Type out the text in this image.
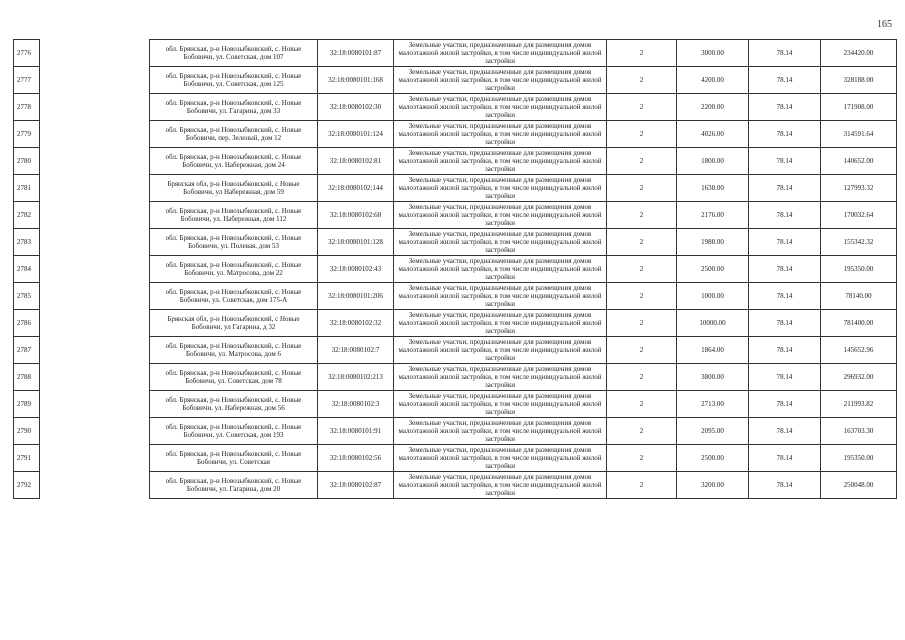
165
2776		обл. Брянская, р-н Новозыбковский, с. Новые Бобовичи, ул. Советская, дом 107	32:18:0080101:87	Земельные участки, предназначенные для размещения домов малоэтажной жилой застройки, в том числе индивидуальной жилой застройки	2	3000.00	78.14	234420.00
2777		обл. Брянская, р-н Новозыбковский, с. Новые Бобовичи, ул. Советская, дом 125	32:18:0080101:168	Земельные участки, предназначенные для размещения домов малоэтажной жилой застройки, в том числе индивидуальной жилой застройки	2	4200.00	78.14	328188.00
2778		обл. Брянская, р-н Новозыбковский, с. Новые Бобовичи, ул. Гагарина, дом 33	32:18:0080102:30	Земельные участки, предназначенные для размещения домов малоэтажной жилой застройки, в том числе индивидуальной жилой застройки	2	2200.00	78.14	171908.00
2779		обл. Брянская, р-н Новозыбковский, с. Новые Бобовичи, пер. Зеленый, дом 12	32:18:0080101:124	Земельные участки, предназначенные для размещения домов малоэтажной жилой застройки, в том числе индивидуальной жилой застройки	2	4026.00	78.14	314591.64
2780		обл. Брянская, р-н Новозыбковский, с. Новые Бобовичи, ул. Набережная, дом 24	32:18:0080102:81	Земельные участки, предназначенные для размещения домов малоэтажной жилой застройки, в том числе индивидуальной жилой застройки	2	1800.00	78.14	140652.00
2781		Брянская обл, р-н Новозыбковский, с Новые Бобовичи, ул Набережная, дом 59	32:18:0080102:144	Земельные участки, предназначенные для размещения домов малоэтажной жилой застройки, в том числе индивидуальной жилой застройки	2	1638.00	78.14	127993.32
2782		обл. Брянская, р-н Новозыбковский, с. Новые Бобовичи, ул. Набережная, дом 112	32:18:0080102:68	Земельные участки, предназначенные для размещения домов малоэтажной жилой застройки, в том числе индивидуальной жилой застройки	2	2176.00	78.14	170032.64
2783		обл. Брянская, р-н Новозыбковский, с. Новые Бобовичи, ул. Полевая, дом 53	32:18:0080101:128	Земельные участки, предназначенные для размещения домов малоэтажной жилой застройки, в том числе индивидуальной жилой застройки	2	1988.00	78.14	155342.32
2784		обл. Брянская, р-н Новозыбковский, с. Новые Бобовичи, ул. Матросова, дом 22	32:18:0080102:43	Земельные участки, предназначенные для размещения домов малоэтажной жилой застройки, в том числе индивидуальной жилой застройки	2	2500.00	78.14	195350.00
2785		обл. Брянская, р-н Новозыбковский, с. Новые Бобовичи, ул. Советская, дом 175-А	32:18:0080101:206	Земельные участки, предназначенные для размещения домов малоэтажной жилой застройки, в том числе индивидуальной жилой застройки	2	1000.00	78.14	78140.00
2786		Брянская обл, р-н Новозыбковский, с Новые Бобовичи, ул Гагарина, д 32	32:18:0080102:32	Земельные участки, предназначенные для размещения домов малоэтажной жилой застройки, в том числе индивидуальной жилой застройки	2	10000.00	78.14	781400.00
2787		обл. Брянская, р-н Новозыбковский, с. Новые Бобовичи, ул. Матросова, дом 6	32:18:0080102:7	Земельные участки, предназначенные для размещения домов малоэтажной жилой застройки, в том числе индивидуальной жилой застройки	2	1864.00	78.14	145652.96
2788		обл. Брянская, р-н Новозыбковский, с. Новые Бобовичи, ул. Советская, дом 78	32:18:0080102:213	Земельные участки, предназначенные для размещения домов малоэтажной жилой застройки, в том числе индивидуальной жилой застройки	2	3800.00	78.14	296932.00
2789		обл. Брянская, р-н Новозыбковский, с. Новые Бобовичи, ул. Набережная, дом 56	32:18:0080102:3	Земельные участки, предназначенные для размещения домов малоэтажной жилой застройки, в том числе индивидуальной жилой застройки	2	2713.00	78.14	211993.82
2790		обл. Брянская, р-н Новозыбковский, с. Новые Бобовичи, ул. Советская, дом 193	32:18:0080101:91	Земельные участки, предназначенные для размещения домов малоэтажной жилой застройки, в том числе индивидуальной жилой застройки	2	2095.00	78.14	163703.30
2791		обл. Брянская, р-н Новозыбковский, с. Новые Бобовичи, ул. Советская	32:18:0080102:56	Земельные участки, предназначенные для размещения домов малоэтажной жилой застройки, в том числе индивидуальной жилой застройки	2	2500.00	78.14	195350.00
2792		обл. Брянская, р-н Новозыбковский, с. Новые Бобовичи, ул. Гагарина, дом 20	32:18:0080102:87	Земельные участки, предназначенные для размещения домов малоэтажной жилой застройки, в том числе индивидуальной жилой застройки	2	3200.00	78.14	250048.00
